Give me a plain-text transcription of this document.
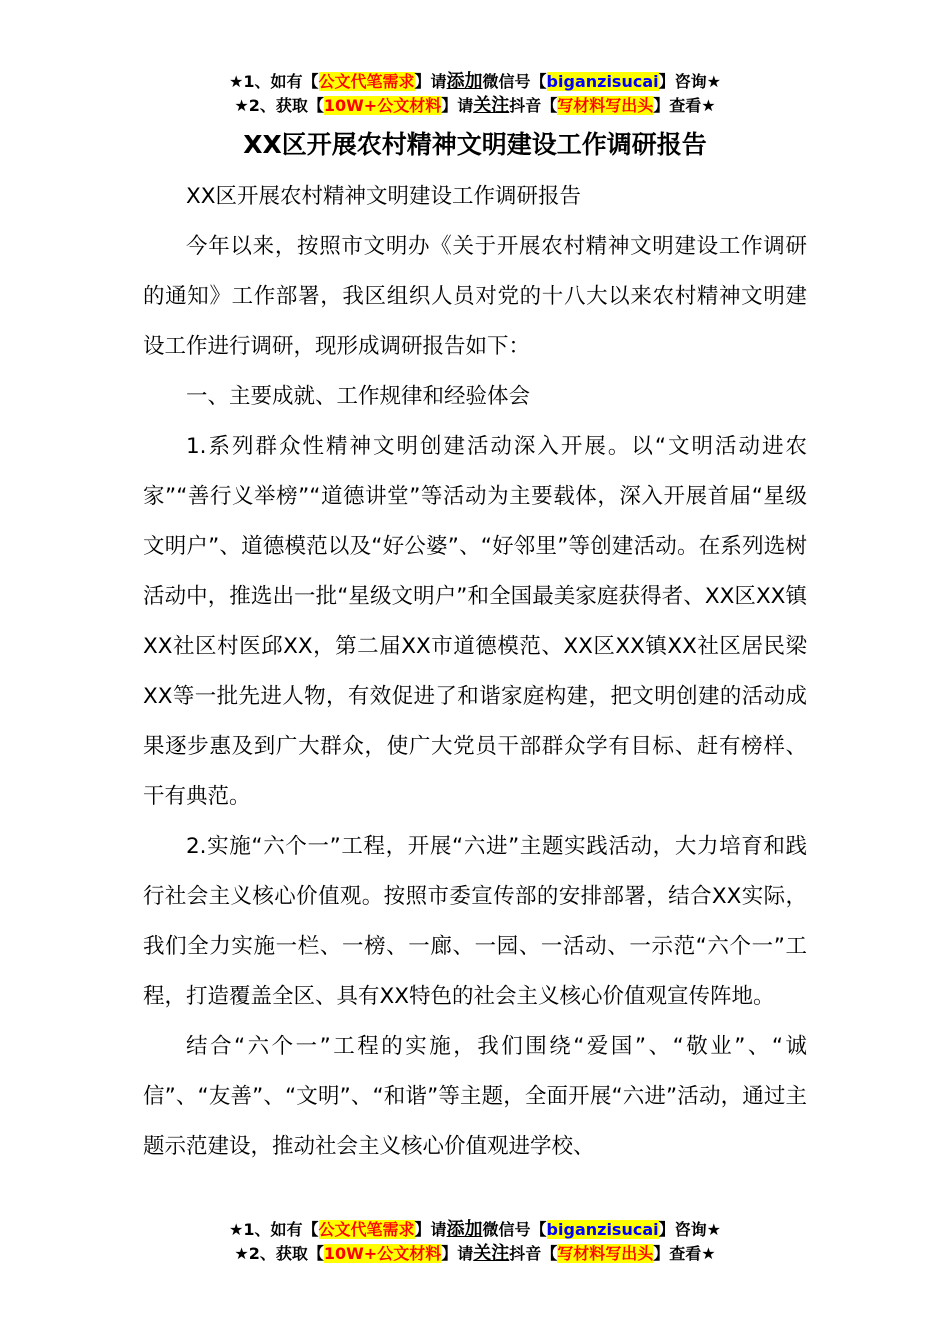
★1、如有【公文代笔需求】请添加微信号【biganzisucai】咨询★
★2、获取【10W+公文材料】请关注抖音【写材料写出头】查看★
XX区开展农村精神文明建设工作调研报告

XX区开展农村精神文明建设工作调研报告

今年以来，按照市文明办《关于开展农村精神文明建设工作调研的通知》工作部署，我区组织人员对党的十八大以来农村精神文明建设工作进行调研，现形成调研报告如下：

一、主要成就、工作规律和经验体会

1.系列群众性精神文明创建活动深入开展。以“文明活动进农家”“善行义举榜”“道德讲堂”等活动为主要载体，深入开展首届“星级文明户”、道德模范以及“好公婆”、“好邻里”等创建活动。在系列选树活动中，推选出一批“星级文明户”和全国最美家庭获得者、XX区XX镇XX社区村医邱XX，第二届XX市道德模范、XX区XX镇XX社区居民梁XX等一批先进人物，有效促进了和谐家庭构建，把文明创建的活动成果逐步惠及到广大群众，使广大党员干部群众学有目标、赶有榜样、干有典范。

2.实施“六个一”工程，开展“六进”主题实践活动，大力培育和践行社会主义核心价值观。按照市委宣传部的安排部署，结合XX实际，我们全力实施一栏、一榜、一廊、一园、一活动、一示范“六个一”工程，打造覆盖全区、具有XX特色的社会主义核心价值观宣传阵地。

结合“六个一”工程的实施，我们围绕“爱国”、“敬业”、“诚信”、“友善”、“文明”、“和谐”等主题，全面开展“六进”活动，通过主题示范建设，推动社会主义核心价值观进学校、

★1、如有【公文代笔需求】请添加微信号【biganzisucai】咨询★
★2、获取【10W+公文材料】请关注抖音【写材料写出头】查看★
